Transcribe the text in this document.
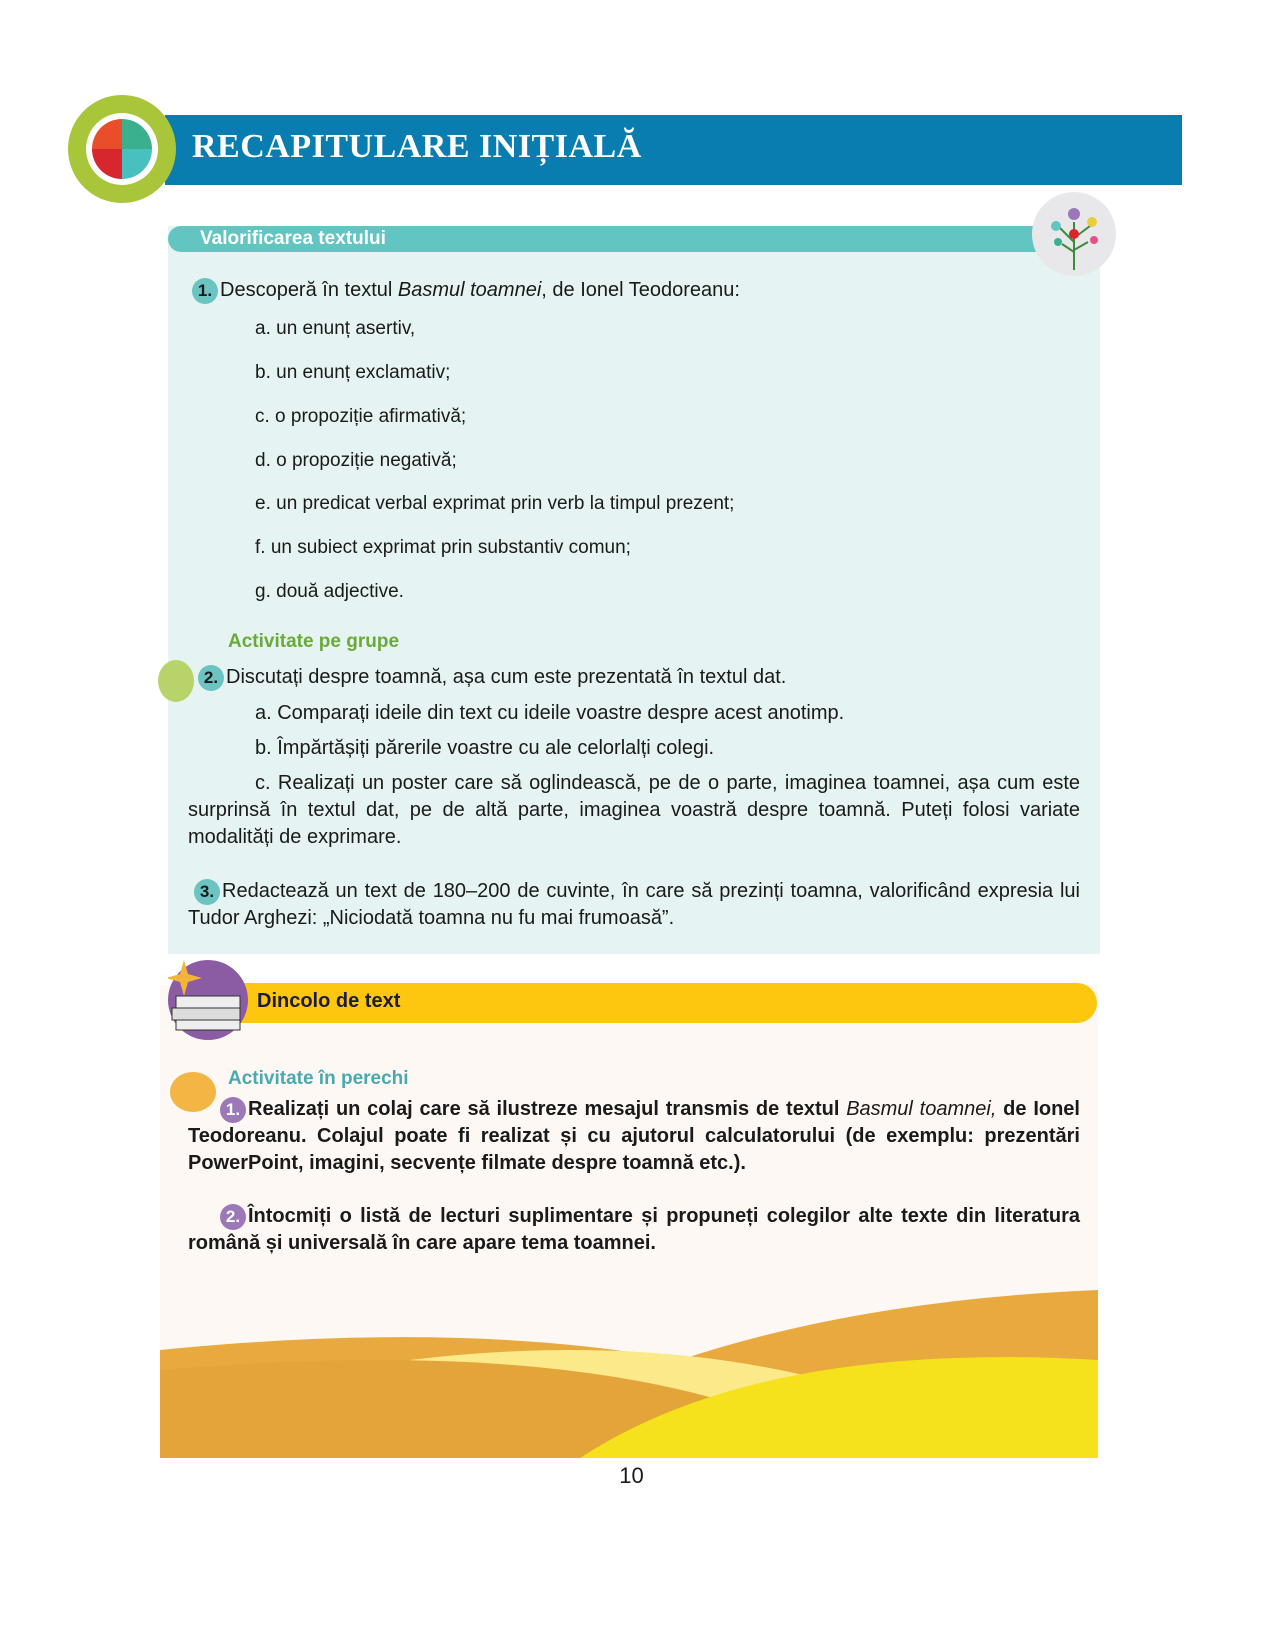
RECAPITULARE INIȚIALĂ
Valorificarea textului
1. Descoperă în textul Basmul toamnei, de Ionel Teodoreanu:
a. un enunț asertiv,
b. un enunț exclamativ;
c. o propoziție afirmativă;
d. o propoziție negativă;
e. un predicat verbal exprimat prin verb la timpul prezent;
f. un subiect exprimat prin substantiv comun;
g. două adjective.
Activitate pe grupe
2. Discutați despre toamnă, așa cum este prezentată în textul dat.
a. Comparați ideile din text cu ideile voastre despre acest anotimp.
b. Împărtășiți părerile voastre cu ale celorlalți colegi.
c. Realizați un poster care să oglindească, pe de o parte, imaginea toamnei, așa cum este surprinsă în textul dat, pe de altă parte, imaginea voastră despre toamnă. Puteți folosi variate modalități de exprimare.
3. Redactează un text de 180–200 de cuvinte, în care să prezinți toamna, valorificând expresia lui Tudor Arghezi: „Niciodată toamna nu fu mai frumoasă”.
Dincolo de text
Activitate în perechi
1. Realizați un colaj care să ilustreze mesajul transmis de textul Basmul toamnei, de Ionel Teodoreanu. Colajul poate fi realizat și cu ajutorul calculatorului (de exemplu: prezentări PowerPoint, imagini, secvențe filmate despre toamnă etc.).
2. Întocmiți o listă de lecturi suplimentare și propuneți colegilor alte texte din literatura română și universală în care apare tema toamnei.
10
